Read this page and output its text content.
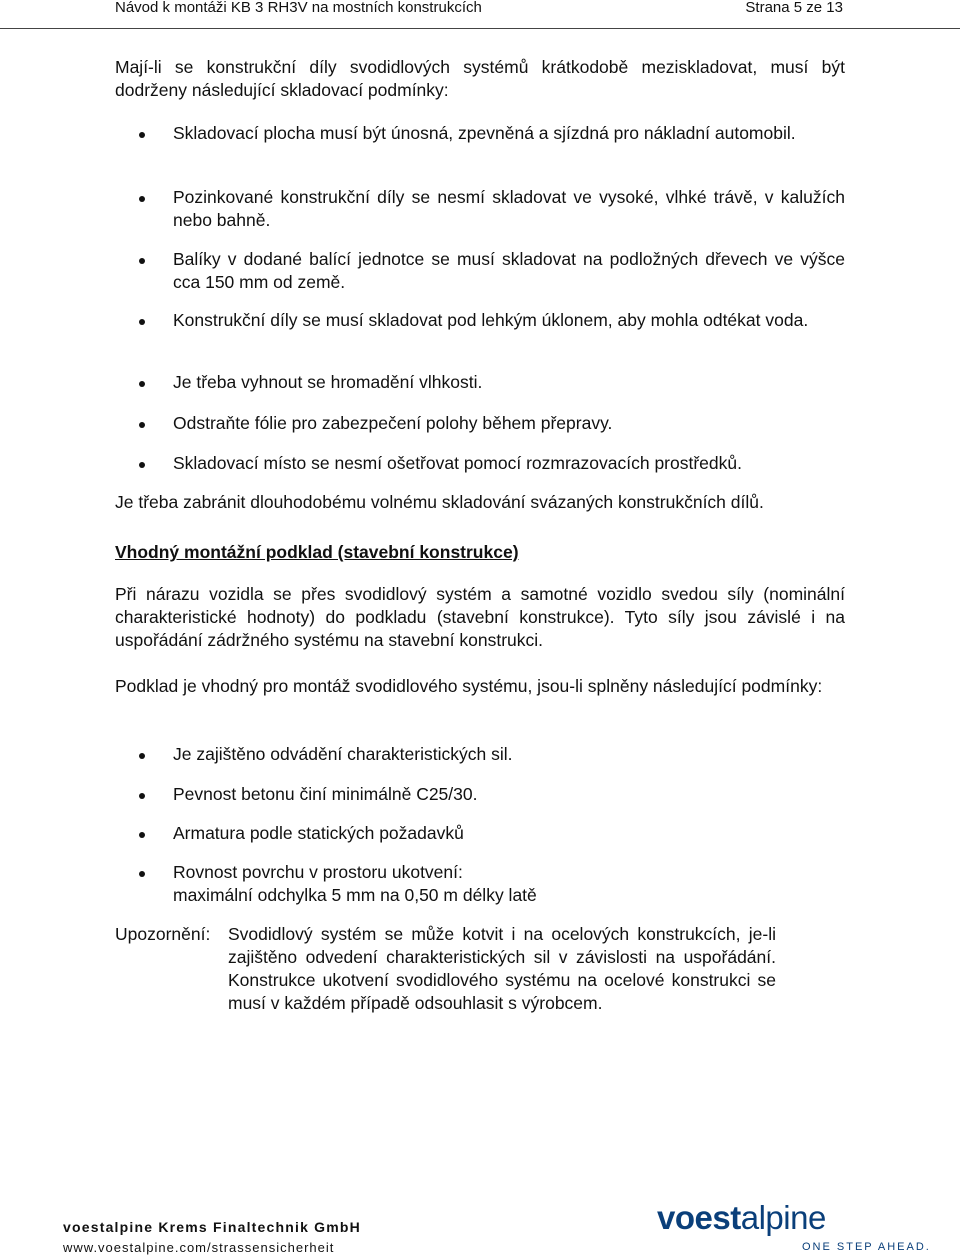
Návod k montáži KB 3 RH3V na mostních konstrukcích	Strana 5 ze 13
Mají-li se konstrukční díly svodidlových systémů krátkodobě meziskladovat, musí být dodrženy následující skladovací podmínky:
Skladovací plocha musí být únosná, zpevněná a sjízdná pro nákladní automobil.
Pozinkované konstrukční díly se nesmí skladovat ve vysoké, vlhké trávě, v kalužích nebo bahně.
Balíky v dodané balící jednotce se musí skladovat na podložných dřevech ve výšce cca 150 mm od země.
Konstrukční díly se musí skladovat pod lehkým úklonem, aby mohla odtékat voda.
Je třeba vyhnout se hromadění vlhkosti.
Odstraňte fólie pro zabezpečení polohy během přepravy.
Skladovací místo se nesmí ošetřovat pomocí rozmrazovacích prostředků.
Je třeba zabránit dlouhodobému volnému skladování svázaných konstrukčních dílů.
Vhodný montážní podklad (stavební konstrukce)
Při nárazu vozidla se přes svodidlový systém a samotné vozidlo svedou síly (nominální charakteristické hodnoty) do podkladu (stavební konstrukce). Tyto síly jsou závislé i na uspořádání zádržného systému na stavební konstrukci.
Podklad je vhodný pro montáž svodidlového systému, jsou-li splněny následující podmínky:
Je zajištěno odvádění charakteristických sil.
Pevnost betonu činí minimálně C25/30.
Armatura podle statických požadavků
Rovnost povrchu v prostoru ukotvení:
maximální odchylka 5 mm na 0,50 m délky latě
Upozornění: Svodidlový systém se může kotvit i na ocelových konstrukcích, je-li zajištěno odvedení charakteristických sil v závislosti na uspořádání. Konstrukce ukotvení svodidlového systému na ocelové konstrukci se musí v každém případě odsouhlasit s výrobcem.
voestalpine Krems Finaltechnik GmbH
www.voestalpine.com/strassensicherheit
voestalpine
ONE STEP AHEAD.
